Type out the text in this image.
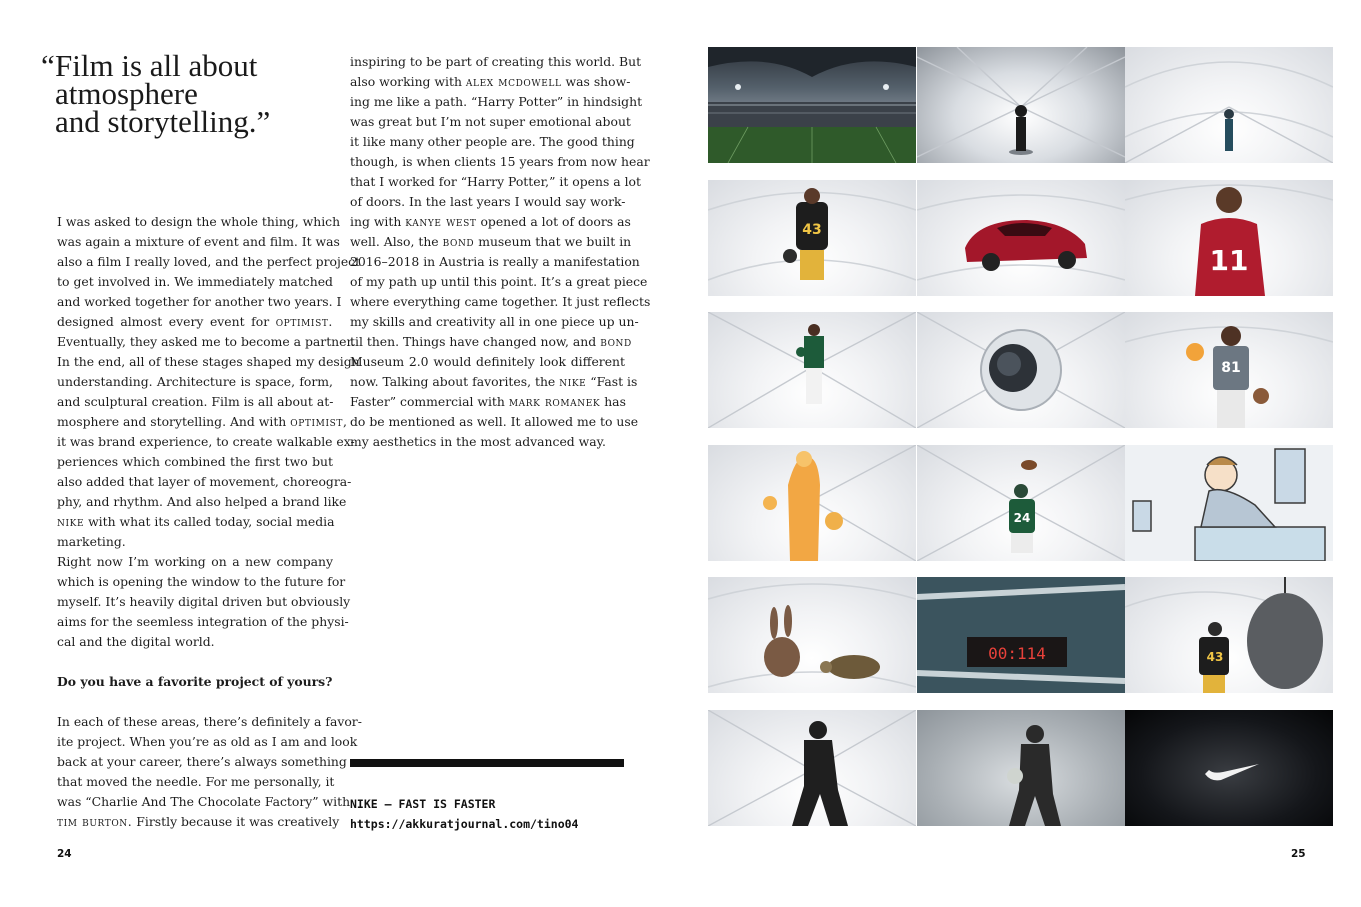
“ Film is all about
atmosphere
and storytelling.”
I was asked to design the whole thing, which
was again a mixture of event and film. It was
also a film I really loved, and the perfect project
to get involved in. We immediately matched
and worked together for another two years. I
designed almost every event for optimist.
Eventually, they asked me to become a partner.
In the end, all of these stages shaped my design
understanding. Architecture is space, form,
and sculptural creation. Film is all about at-
mosphere and storytelling. And with optimist,
it was brand experience, to create walkable ex-
periences which combined the first two but
also added that layer of movement, choreogra-
phy, and rhythm. And also helped a brand like
nike with what its called today, social media
marketing.
Right now I’m working on a new company
which is opening the window to the future for
myself. It’s heavily digital driven but obviously
aims for the seemless integration of the physi-
cal and the digital world.
Do you have a favorite project of yours?
In each of these areas, there’s definitely a favor-
ite project. When you’re as old as I am and look
back at your career, there’s always something
that moved the needle. For me personally, it
was “Charlie And The Chocolate Factory” with
tim burton. Firstly because it was creatively
inspiring to be part of creating this world. But
also working with alex mcdowell was show-
ing me like a path. “Harry Potter” in hindsight
was great but I’m not super emotional about
it like many other people are. The good thing
though, is when clients 15 years from now hear
that I worked for “Harry Potter,” it opens a lot
of doors. In the last years I would say work-
ing with kanye west opened a lot of doors as
well. Also, the bond museum that we built in
2016–2018 in Austria is really a manifestation
of my path up until this point. It’s a great piece
where everything came together. It just reflects
my skills and creativity all in one piece up un-
til then. Things have changed now, and bond
Museum 2.0 would definitely look different
now. Talking about favorites, the nike “Fast is
Faster” commercial with mark romanek has
do be mentioned as well. It allowed me to use
my aesthetics in the most advanced way.
NIKE — FAST IS FASTER
https://akkuratjournal.com/tino04
24
43
11
81
24
00:114	43
25
